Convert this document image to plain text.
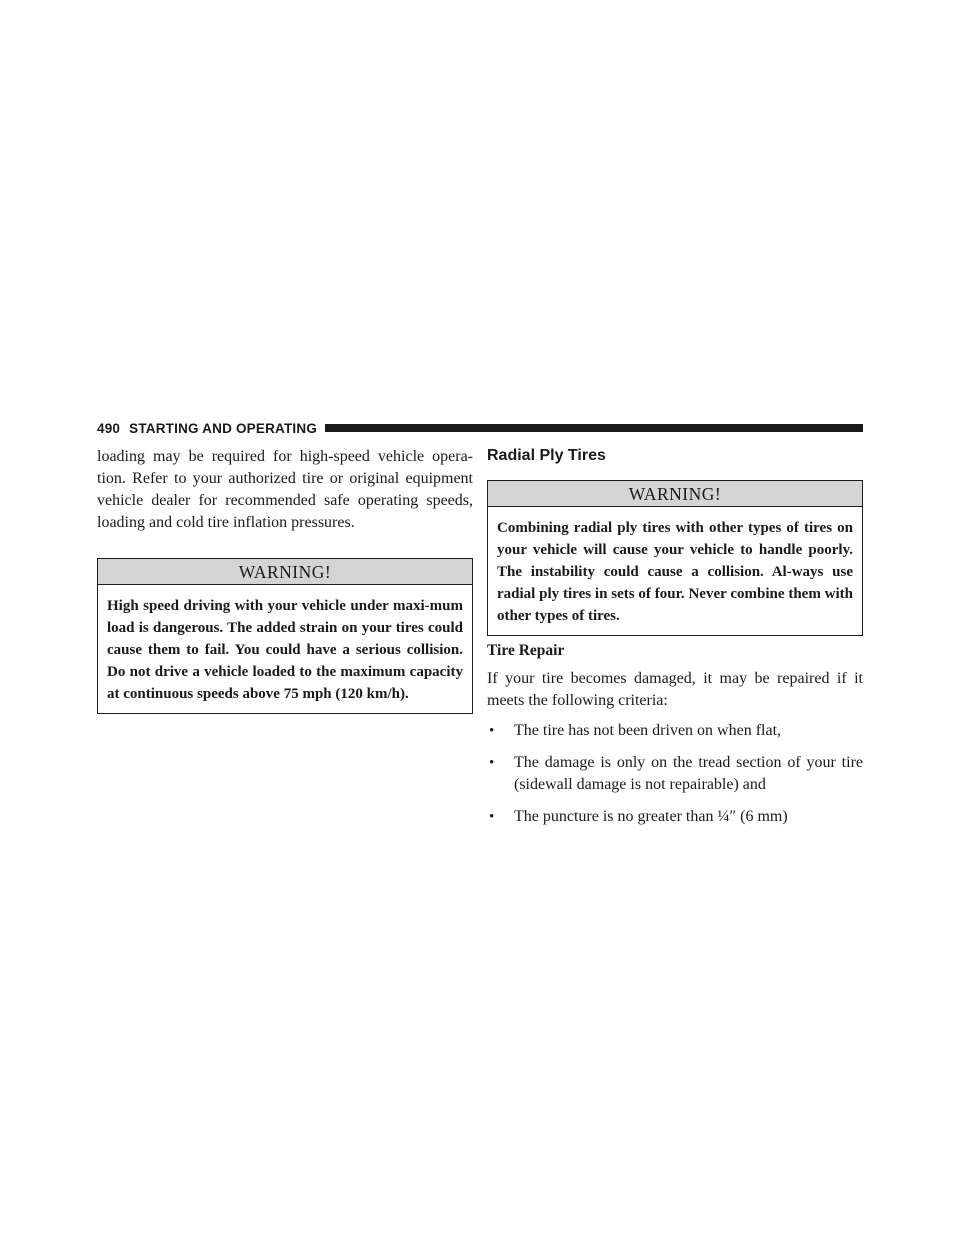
490 STARTING AND OPERATING

loading may be required for high-speed vehicle opera-tion. Refer to your authorized tire or original equipment vehicle dealer for recommended safe operating speeds, loading and cold tire inflation pressures.

WARNING!
High speed driving with your vehicle under maxi-mum load is dangerous. The added strain on your tires could cause them to fail. You could have a serious collision. Do not drive a vehicle loaded to the maximum capacity at continuous speeds above 75 mph (120 km/h).
Radial Ply Tires
WARNING!
Combining radial ply tires with other types of tires on your vehicle will cause your vehicle to handle poorly. The instability could cause a collision. Al-ways use radial ply tires in sets of four. Never combine them with other types of tires.
Tire Repair

If your tire becomes damaged, it may be repaired if it meets the following criteria:

• The tire has not been driven on when flat,
• The damage is only on the tread section of your tire (sidewall damage is not repairable) and
• The puncture is no greater than ¼″ (6 mm)
